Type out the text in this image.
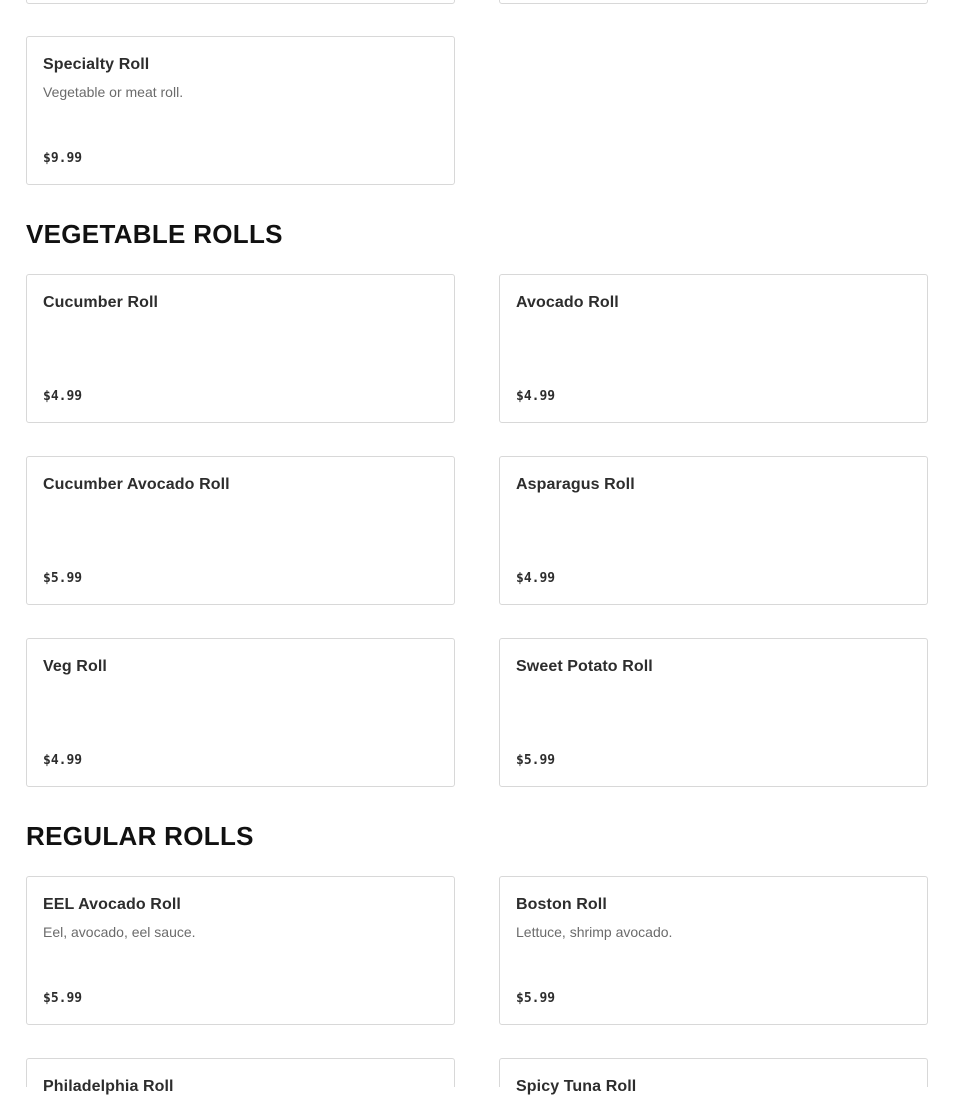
Specialty Roll
Vegetable or meat roll.
$9.99
VEGETABLE ROLLS
Cucumber Roll
$4.99
Avocado Roll
$4.99
Cucumber Avocado Roll
$5.99
Asparagus Roll
$4.99
Veg Roll
$4.99
Sweet Potato Roll
$5.99
REGULAR ROLLS
EEL Avocado Roll
Eel, avocado, eel sauce.
$5.99
Boston Roll
Lettuce, shrimp avocado.
$5.99
Philadelphia Roll	Spicy Tuna Roll
